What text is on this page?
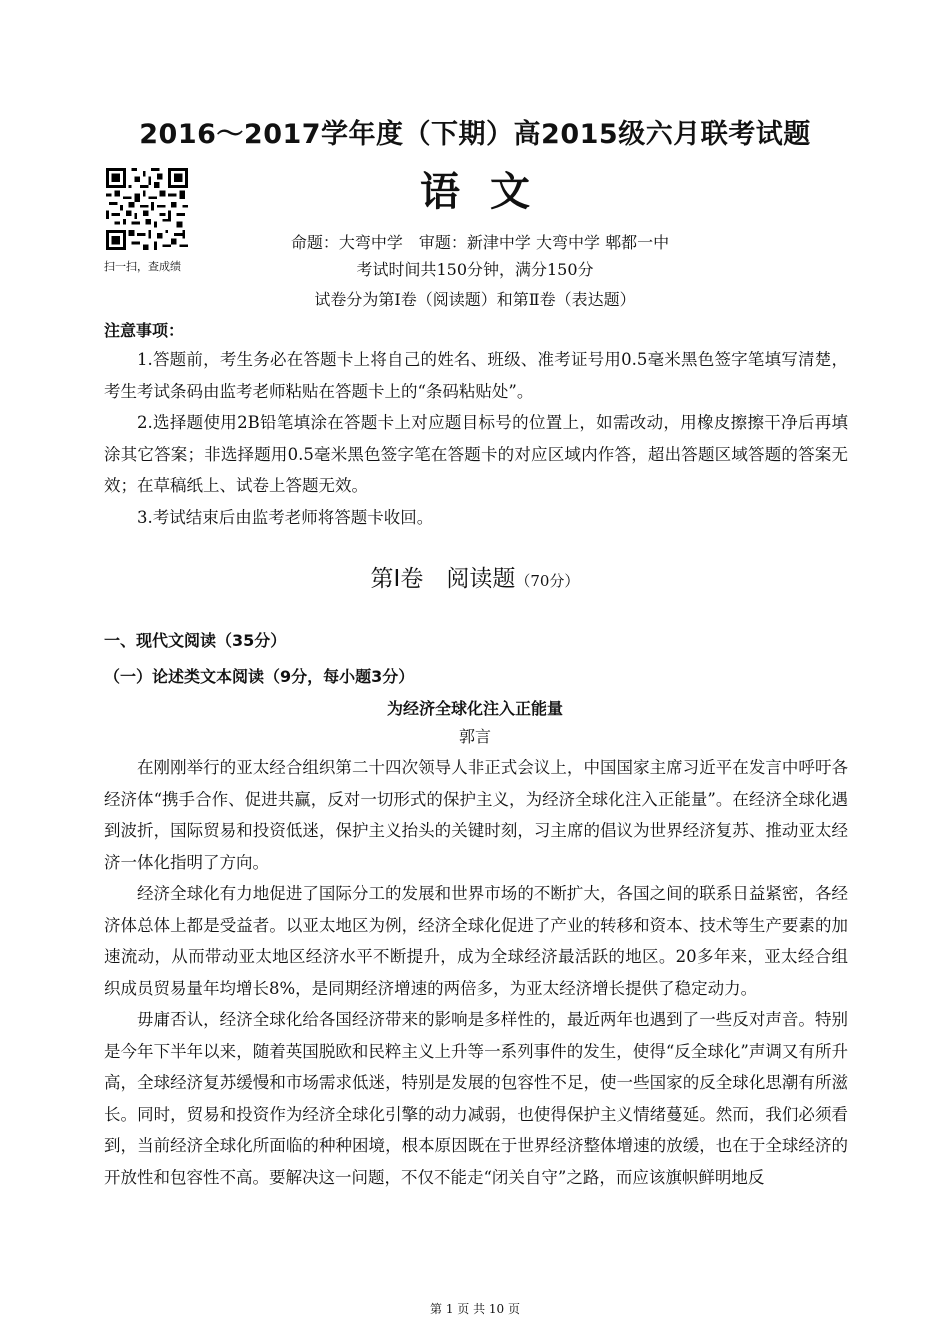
2016～2017学年度（下期）高2015级六月联考试题
扫一扫，查成绩
语文
命题：大弯中学　审题：新津中学 大弯中学 郫都一中
考试时间共150分钟，满分150分
试卷分为第Ⅰ卷（阅读题）和第Ⅱ卷（表达题）
注意事项：

1.答题前，考生务必在答题卡上将自己的姓名、班级、准考证号用0.5毫米黑色签字笔填写清楚，考生考试条码由监考老师粘贴在答题卡上的“条码粘贴处”。

2.选择题使用2B铅笔填涂在答题卡上对应题目标号的位置上，如需改动，用橡皮擦擦干净后再填涂其它答案；非选择题用0.5毫米黑色签字笔在答题卡的对应区域内作答，超出答题区域答题的答案无效；在草稿纸上、试卷上答题无效。

3.考试结束后由监考老师将答题卡收回。

第Ⅰ卷　阅读题（70分）
一、现代文阅读（35分）
（一）论述类文本阅读（9分，每小题3分）
为经济全球化注入正能量
郭言

在刚刚举行的亚太经合组织第二十四次领导人非正式会议上，中国国家主席习近平在发言中呼吁各经济体“携手合作、促进共赢，反对一切形式的保护主义，为经济全球化注入正能量”。在经济全球化遇到波折，国际贸易和投资低迷，保护主义抬头的关键时刻，习主席的倡议为世界经济复苏、推动亚太经济一体化指明了方向。

经济全球化有力地促进了国际分工的发展和世界市场的不断扩大，各国之间的联系日益紧密，各经济体总体上都是受益者。以亚太地区为例，经济全球化促进了产业的转移和资本、技术等生产要素的加速流动，从而带动亚太地区经济水平不断提升，成为全球经济最活跃的地区。20多年来，亚太经合组织成员贸易量年均增长8%，是同期经济增速的两倍多，为亚太经济增长提供了稳定动力。

毋庸否认，经济全球化给各国经济带来的影响是多样性的，最近两年也遇到了一些反对声音。特别是今年下半年以来，随着英国脱欧和民粹主义上升等一系列事件的发生，使得“反全球化”声调又有所升高，全球经济复苏缓慢和市场需求低迷，特别是发展的包容性不足，使一些国家的反全球化思潮有所滋长。同时，贸易和投资作为经济全球化引擎的动力减弱，也使得保护主义情绪蔓延。然而，我们必须看到，当前经济全球化所面临的种种困境，根本原因既在于世界经济整体增速的放缓，也在于全球经济的开放性和包容性不高。要解决这一问题，不仅不能走“闭关自守”之路，而应该旗帜鲜明地反

第 1 页 共 10 页
